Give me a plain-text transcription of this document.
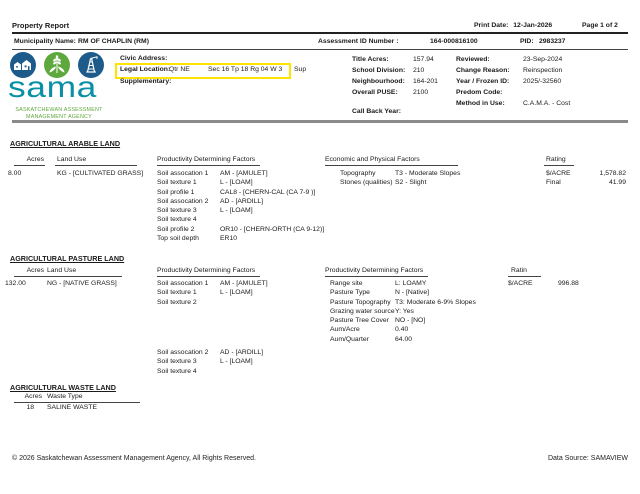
Property Report	Print Date: 12-Jan-2026	Page 1 of 2
Municipality Name: RM OF CHAPLIN (RM)	Assessment ID Number :	164-000816100	PID: 2983237

sama
SASKATCHEWAN ASSESSMENT
MANAGEMENT AGENCY
Civic Address:
Legal Location:
Qtr NE	Sec 16 Tp 18 Rg 04 W 3 Sup
Supplementary:
Title Acres:	157.94
School Division: 210
Neighbourhood: 164-201
Overall PUSE: 2100
Call Back Year:
Reviewed:	23-Sep-2024
Change Reason: Reinspection
Year / Frozen ID: 2025/-32560
Predom Code:
Method in Use:	C.A.M.A. - Cost
AGRICULTURAL ARABLE LAND
Acres Land Use	Productivity Determining Factors	Economic and Physical Factors	Rating
8.00	KG - [CULTIVATED GRASS] Soil assocation 1 AM - [AMULET]
Soil texture 1	L - [LOAM]
Soil profile 1	CAL8 - [CHERN-CAL (CA 7-9 )]
Soil assocation 2 AD - [ARDILL]
Soil texture 3	L - [LOAM]
Soil texture 4
Soil profile 2	OR10 - [CHERN-ORTH (CA 9-12)]
Top soil depth	ER10
Topography	T3 - Moderate Slopes
Stones (qualities) S2 - Slight
$/ACRE	1,578.82
Final	41.99
AGRICULTURAL PASTURE LAND
Acres Land Use	Productivity Determining Factors	Productivity Determining Factors	Ratin
132.00	NG - [NATIVE GRASS]	Soil assocation 1 AM - [AMULET]
Soil texture 1	L - [LOAM]
Soil texture 2
Soil assocation 2 AD - [ARDILL]
Soil texture 3	L - [LOAM]
Soil texture 4
Range site	L: LOAMY
Pasture Type	N - [Native]
Pasture Topography T3: Moderate 6-9% Slopes
Grazing water sourceY: Yes
Pasture Tree Cover NO - [NO]
Aum/Acre	0.40
Aum/Quarter	64.00
$/ACRE	996.88
AGRICULTURAL WASTE LAND
Acres Waste Type
18 SALINE WASTE
© 2026 Saskatchewan Assessment Management Agency, All Rights Reserved.	Data Source: SAMAVIEW
